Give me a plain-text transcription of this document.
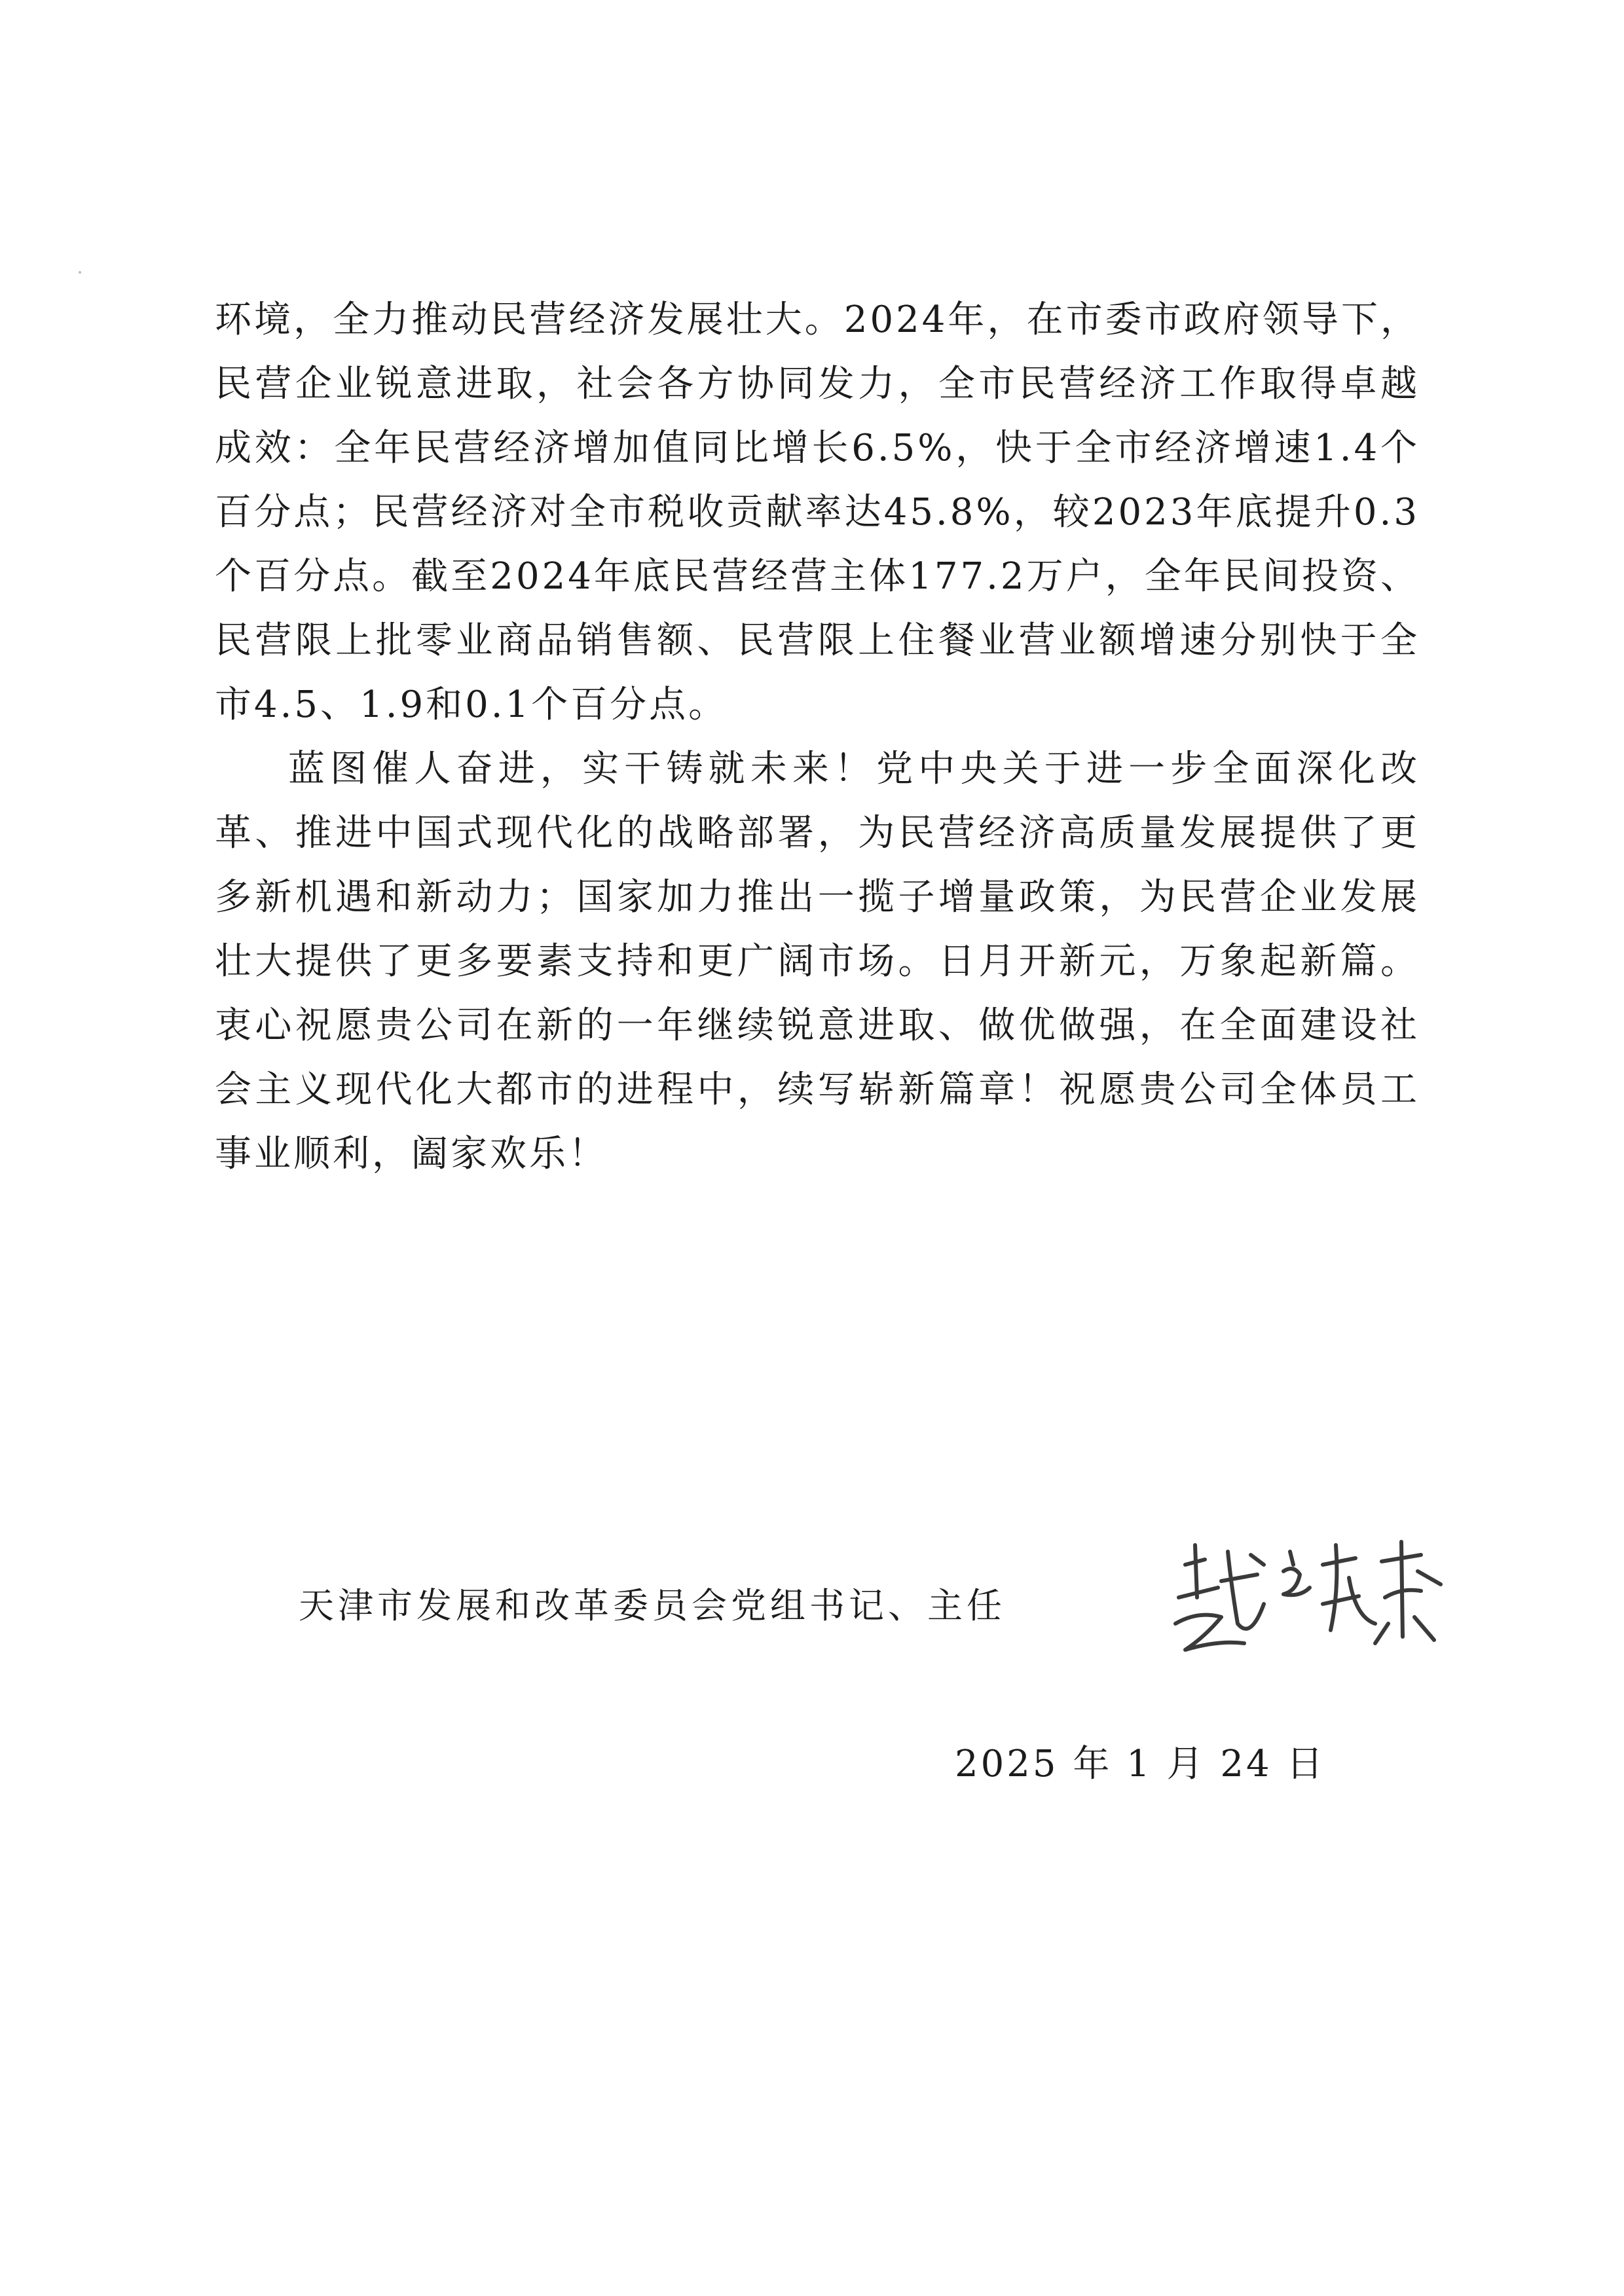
环境，全力推动民营经济发展壮大。2024年，在市委市政府领导下，民营企业锐意进取，社会各方协同发力，全市民营经济工作取得卓越成效：全年民营经济增加值同比增长6.5%，快于全市经济增速1.4个百分点；民营经济对全市税收贡献率达45.8%，较2023年底提升0.3个百分点。截至2024年底民营经营主体177.2万户，全年民间投资、民营限上批零业商品销售额、民营限上住餐业营业额增速分别快于全市4.5、1.9和0.1个百分点。

蓝图催人奋进，实干铸就未来！党中央关于进一步全面深化改革、推进中国式现代化的战略部署，为民营经济高质量发展提供了更多新机遇和新动力；国家加力推出一揽子增量政策，为民营企业发展壮大提供了更多要素支持和更广阔市场。日月开新元，万象起新篇。衷心祝愿贵公司在新的一年继续锐意进取、做优做强，在全面建设社会主义现代化大都市的进程中，续写崭新篇章！祝愿贵公司全体员工事业顺利，阖家欢乐！

天津市发展和改革委员会党组书记、主任
2025 年 1 月 24 日
